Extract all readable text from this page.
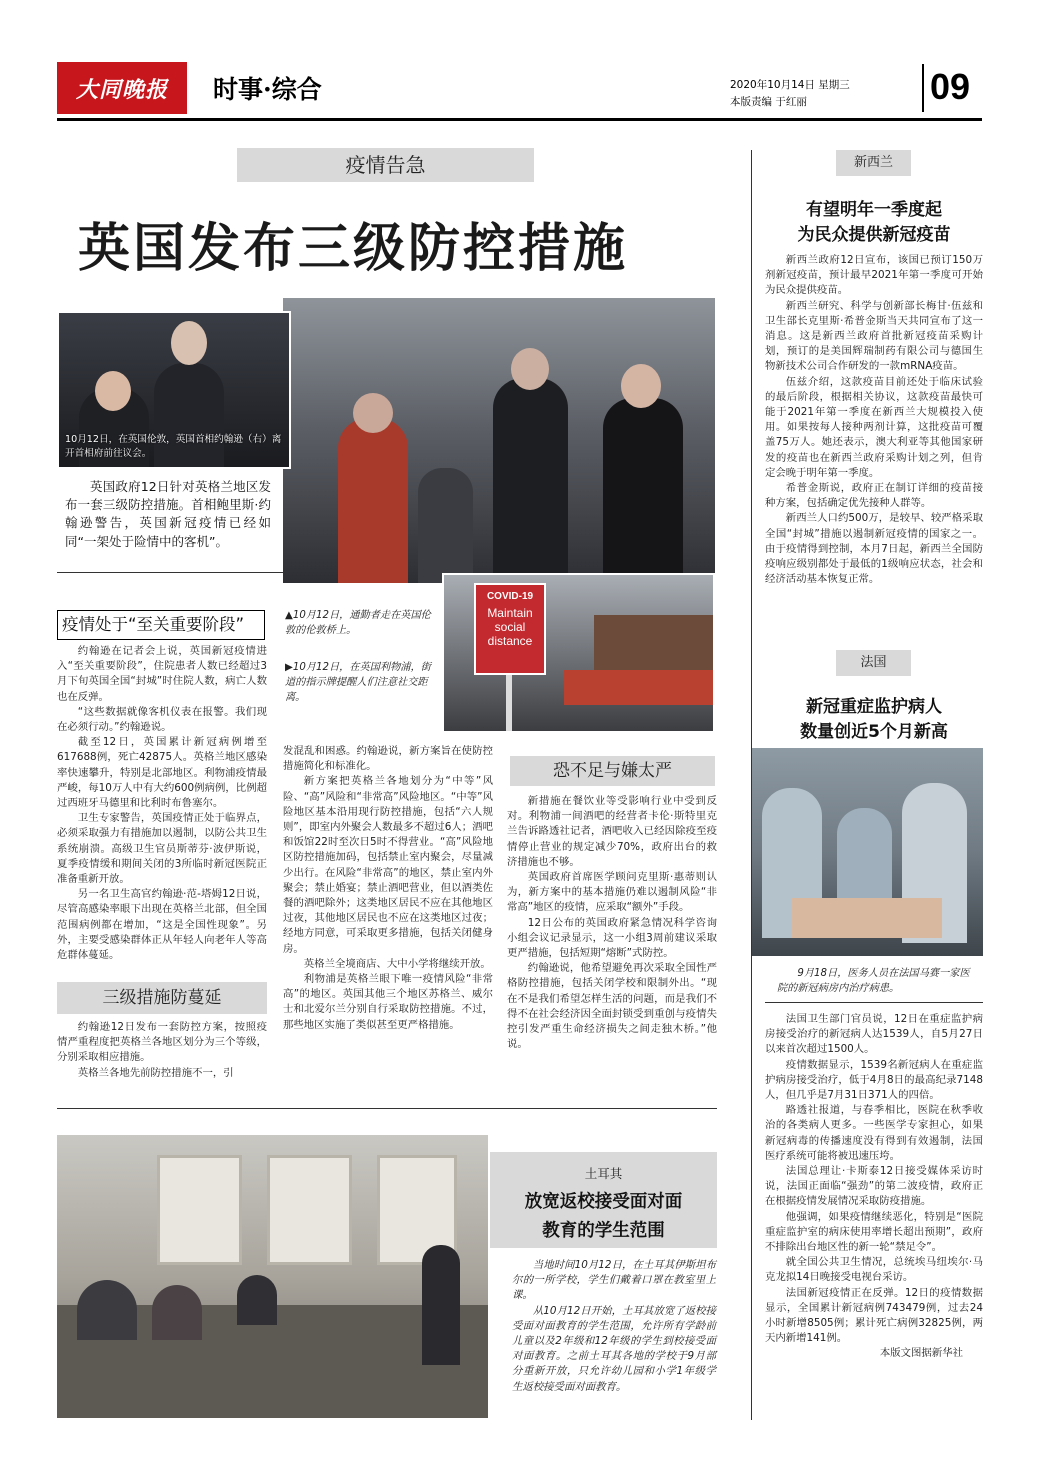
大同晚报 时事·综合	2020年10月14日 星期三
本版责编 于红丽	09
疫情告急
英国发布三级防控措施
10月12日，在英国伦敦，英国首相约翰逊（右）离开首相府前往议会。
英国政府12日针对英格兰地区发布一套三级防控措施。首相鲍里斯·约翰逊警告，英国新冠疫情已经如同“一架处于险情中的客机”。
疫情处于“至关重要阶段”

约翰逊在记者会上说，英国新冠疫情进入“至关重要阶段”，住院患者人数已经超过3月下旬英国全国“封城”时住院人数，病亡人数也在反弹。

“这些数据就像客机仪表在报警。我们现在必须行动。”约翰逊说。

截至12日，英国累计新冠病例增至617688例，死亡42875人。英格兰地区感染率快速攀升，特别是北部地区。利物浦疫情最严峻，每10万人中有大约600例病例，比例超过西班牙马德里和比利时布鲁塞尔。

卫生专家警告，英国疫情正处于临界点，必须采取强力有措施加以遏制，以防公共卫生系统崩溃。高级卫生官员斯蒂芬·波伊斯说，夏季疫情缓和期间关闭的3所临时新冠医院正准备重新开放。

另一名卫生高官约翰逊·范-塔姆12日说，尽管高感染率眼下出现在英格兰北部，但全国范围病例都在增加，“这是全国性现象”。另外，主要受感染群体正从年轻人向老年人等高危群体蔓延。

三级措施防蔓延

约翰逊12日发布一套防控方案，按照疫情严重程度把英格兰各地区划分为三个等级，分别采取相应措施。

英格兰各地先前防控措施不一，引

▲10月12日，通勤者走在英国伦敦的伦敦桥上。
▶10月12日，在英国利物浦，街道的指示牌提醒人们注意社交距离。
COVID-19
Maintain
social
distance

发混乱和困惑。约翰逊说，新方案旨在使防控措施简化和标准化。

新方案把英格兰各地划分为“中等”风险、“高”风险和“非常高”风险地区。“中等”风险地区基本沿用现行防控措施，包括“六人规则”，即室内外聚会人数最多不超过6人；酒吧和饭馆22时至次日5时不得营业。“高”风险地区防控措施加码，包括禁止室内聚会，尽量减少出行。在风险“非常高”的地区，禁止室内外聚会；禁止婚宴；禁止酒吧营业，但以酒类佐餐的酒吧除外；这类地区居民不应在其他地区过夜，其他地区居民也不应在这类地区过夜；经地方同意，可采取更多措施，包括关闭健身房。

英格兰全境商店、大中小学将继续开放。

利物浦是英格兰眼下唯一疫情风险“非常高”的地区。英国其他三个地区苏格兰、威尔士和北爱尔兰分别自行采取防控措施。不过，那些地区实施了类似甚至更严格措施。

恐不足与嫌太严

新措施在餐饮业等受影响行业中受到反对。利物浦一间酒吧的经营者卡伦·斯特里克兰告诉路透社记者，酒吧收入已经因除疫至疫情停止营业的规定减少70%，政府出台的救济措施也不够。

英国政府首席医学顾问克里斯·惠蒂则认为，新方案中的基本措施仍难以遏制风险“非常高”地区的疫情，应采取“额外”手段。

12日公布的英国政府紧急情况科学咨询小组会议记录显示，这一小组3周前建议采取更严措施，包括短期“熔断”式防控。

约翰逊说，他希望避免再次采取全国性严格防控措施，包括关闭学校和限制外出。“现在不是我们希望怎样生活的问题，而是我们不得不在社会经济因全面封锁受到重创与疫情失控引发严重生命经济损失之间走独木桥。”他说。

土耳其
放宽返校接受面对面
教育的学生范围

当地时间10月12日，在土耳其伊斯坦布尔的一所学校，学生们戴着口罩在教室里上课。

从10月12日开始，土耳其放宽了返校接受面对面教育的学生范围，允许所有学龄前儿童以及2年级和12年级的学生到校接受面对面教育。之前土耳其各地的学校于9月部分重新开放，只允许幼儿园和小学1年级学生返校接受面对面教育。

新西兰
有望明年一季度起
为民众提供新冠疫苗

新西兰政府12日宣布，该国已预订150万剂新冠疫苗，预计最早2021年第一季度可开始为民众提供疫苗。

新西兰研究、科学与创新部长梅甘·伍兹和卫生部长克里斯·希普金斯当天共同宣布了这一消息。这是新西兰政府首批新冠疫苗采购计划，预订的是美国辉瑞制药有限公司与德国生物新技术公司合作研发的一款mRNA疫苗。

伍兹介绍，这款疫苗目前还处于临床试验的最后阶段，根据相关协议，这款疫苗最快可能于2021年第一季度在新西兰大规模投入使用。如果按每人接种两剂计算，这批疫苗可覆盖75万人。她还表示，澳大利亚等其他国家研发的疫苗也在新西兰政府采购计划之列，但肯定会晚于明年第一季度。

希普金斯说，政府正在制订详细的疫苗接种方案，包括确定优先接种人群等。

新西兰人口约500万，是较早、较严格采取全国“封城”措施以遏制新冠疫情的国家之一。由于疫情得到控制，本月7日起，新西兰全国防疫响应级别都处于最低的1级响应状态，社会和经济活动基本恢复正常。

法国
新冠重症监护病人
数量创近5个月新高
9月18日，医务人员在法国马赛一家医院的新冠病房内治疗病患。

法国卫生部门官员说，12日在重症监护病房接受治疗的新冠病人达1539人，自5月27日以来首次超过1500人。

疫情数据显示，1539名新冠病人在重症监护病房接受治疗，低于4月8日的最高纪录7148人，但几乎是7月31日371人的四倍。

路透社报道，与春季相比，医院在秋季收治的各类病人更多。一些医学专家担心，如果新冠病毒的传播速度没有得到有效遏制，法国医疗系统可能将被迅速压垮。

法国总理让·卡斯泰12日接受媒体采访时说，法国正面临“强劲”的第二波疫情，政府正在根据疫情发展情况采取防疫措施。

他强调，如果疫情继续恶化，特别是“医院重症监护室的病床使用率增长超出预期”，政府不排除出台地区性的新一轮“禁足令”。

就全国公共卫生情况，总统埃马纽埃尔·马克龙拟14日晚接受电视台采访。

法国新冠疫情正在反弹。12日的疫情数据显示，全国累计新冠病例743479例，过去24小时新增8505例；累计死亡病例32825例，两天内新增141例。

本版文图据新华社
